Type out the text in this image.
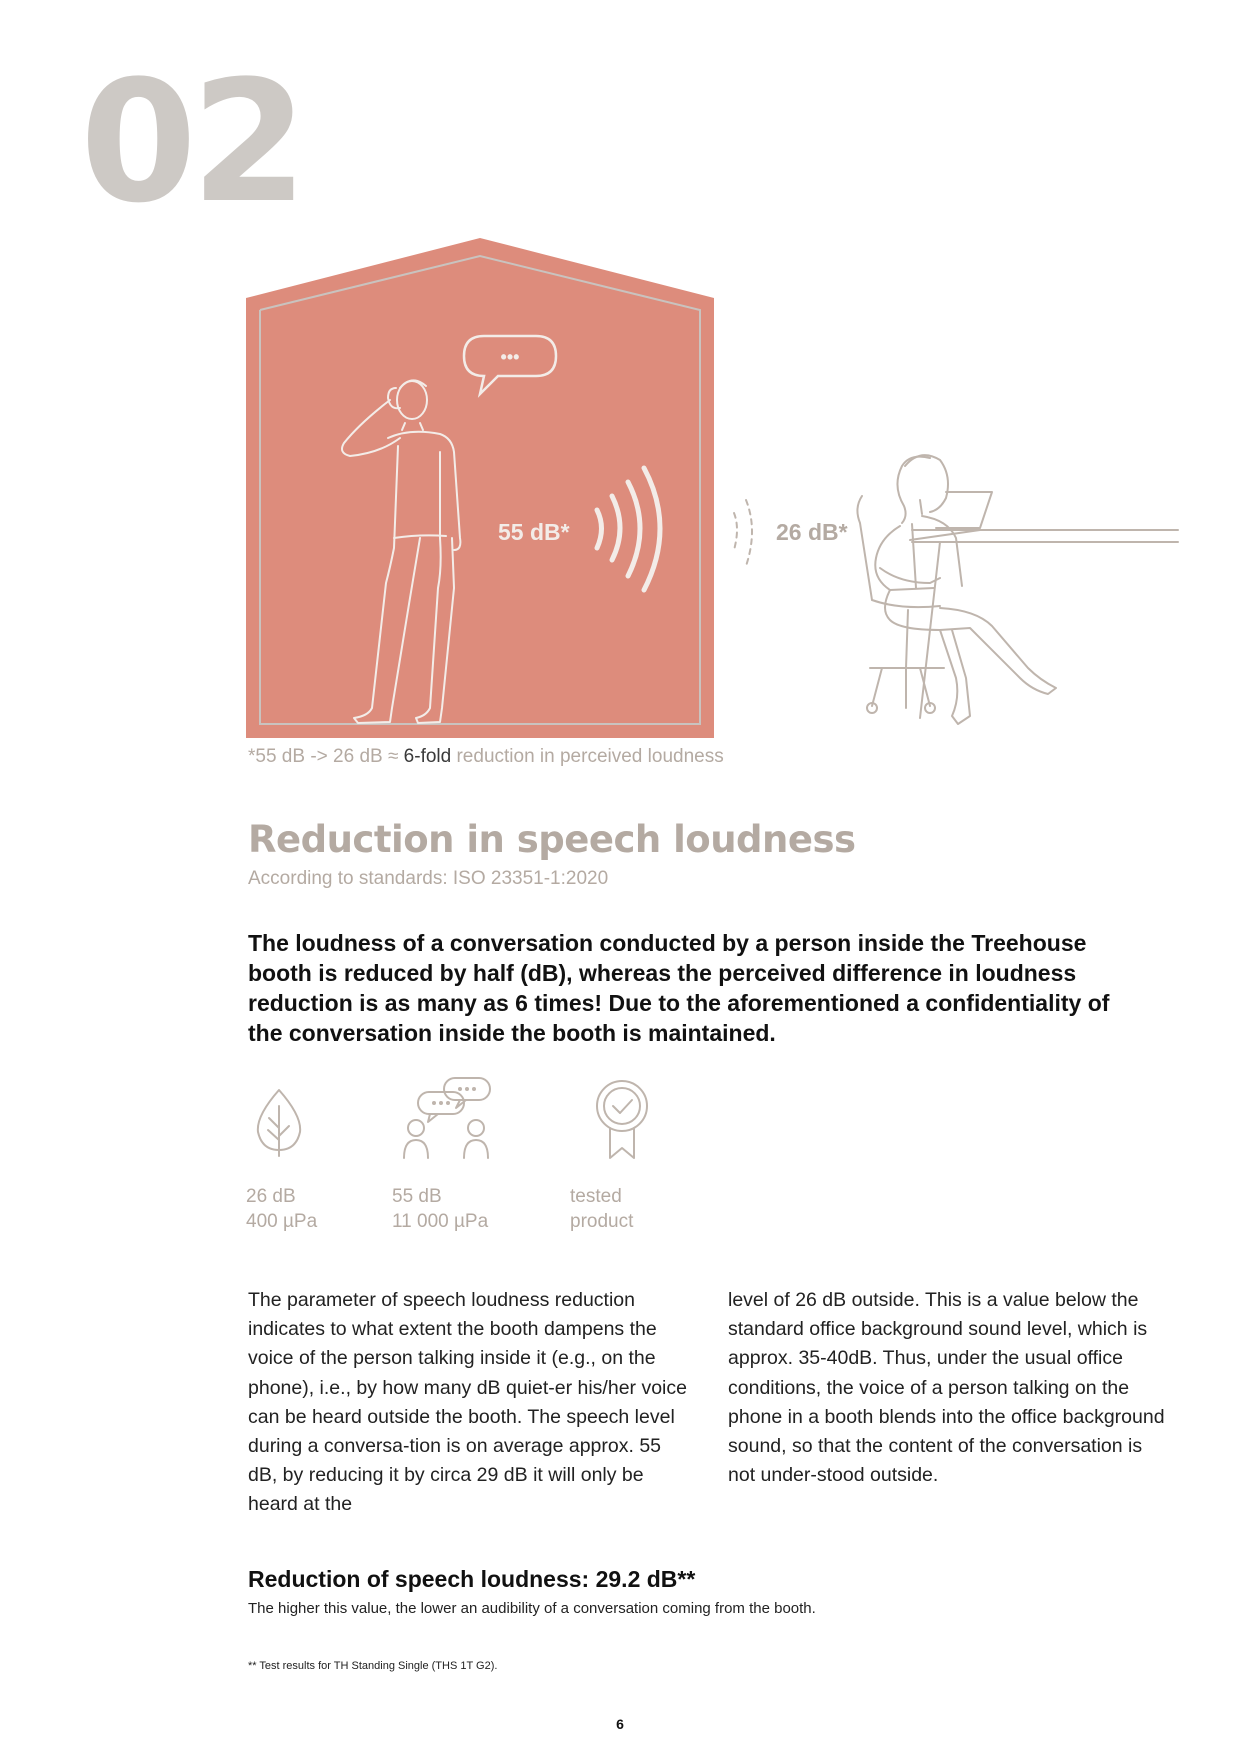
02
•••
55 dB*	26 dB*
*55 dB -> 26 dB ≈ 6-fold reduction in perceived loudness
Reduction in speech loudness
According to standards: ISO 23351-1:2020
The loudness of a conversation conducted by a person inside the Treehouse booth is reduced by half (dB), whereas the perceived difference in loudness reduction is as many as 6 times! Due to the aforementioned a confidentiality of the conversation inside the booth is maintained.
26 dB
400 µPa
55 dB
11 000 µPa
tested
product
The parameter of speech loudness reduction indicates to what extent the booth dampens the voice of the person talking inside it (e.g., on the phone), i.e., by how many dB quiet-er his/her voice can be heard outside the booth. The speech level during a conversa-tion is on average approx. 55 dB, by reducing it by circa 29 dB it will only be heard at the
level of 26 dB outside. This is a value below the standard office background sound level, which is approx. 35-40dB. Thus, under the usual office conditions, the voice of a person talking on the phone in a booth blends into the office background sound, so that the content of the conversation is not under-stood outside.
Reduction of speech loudness: 29.2 dB**
The higher this value, the lower an audibility of a conversation coming from the booth.
** Test results for TH Standing Single (THS 1T G2).
6
